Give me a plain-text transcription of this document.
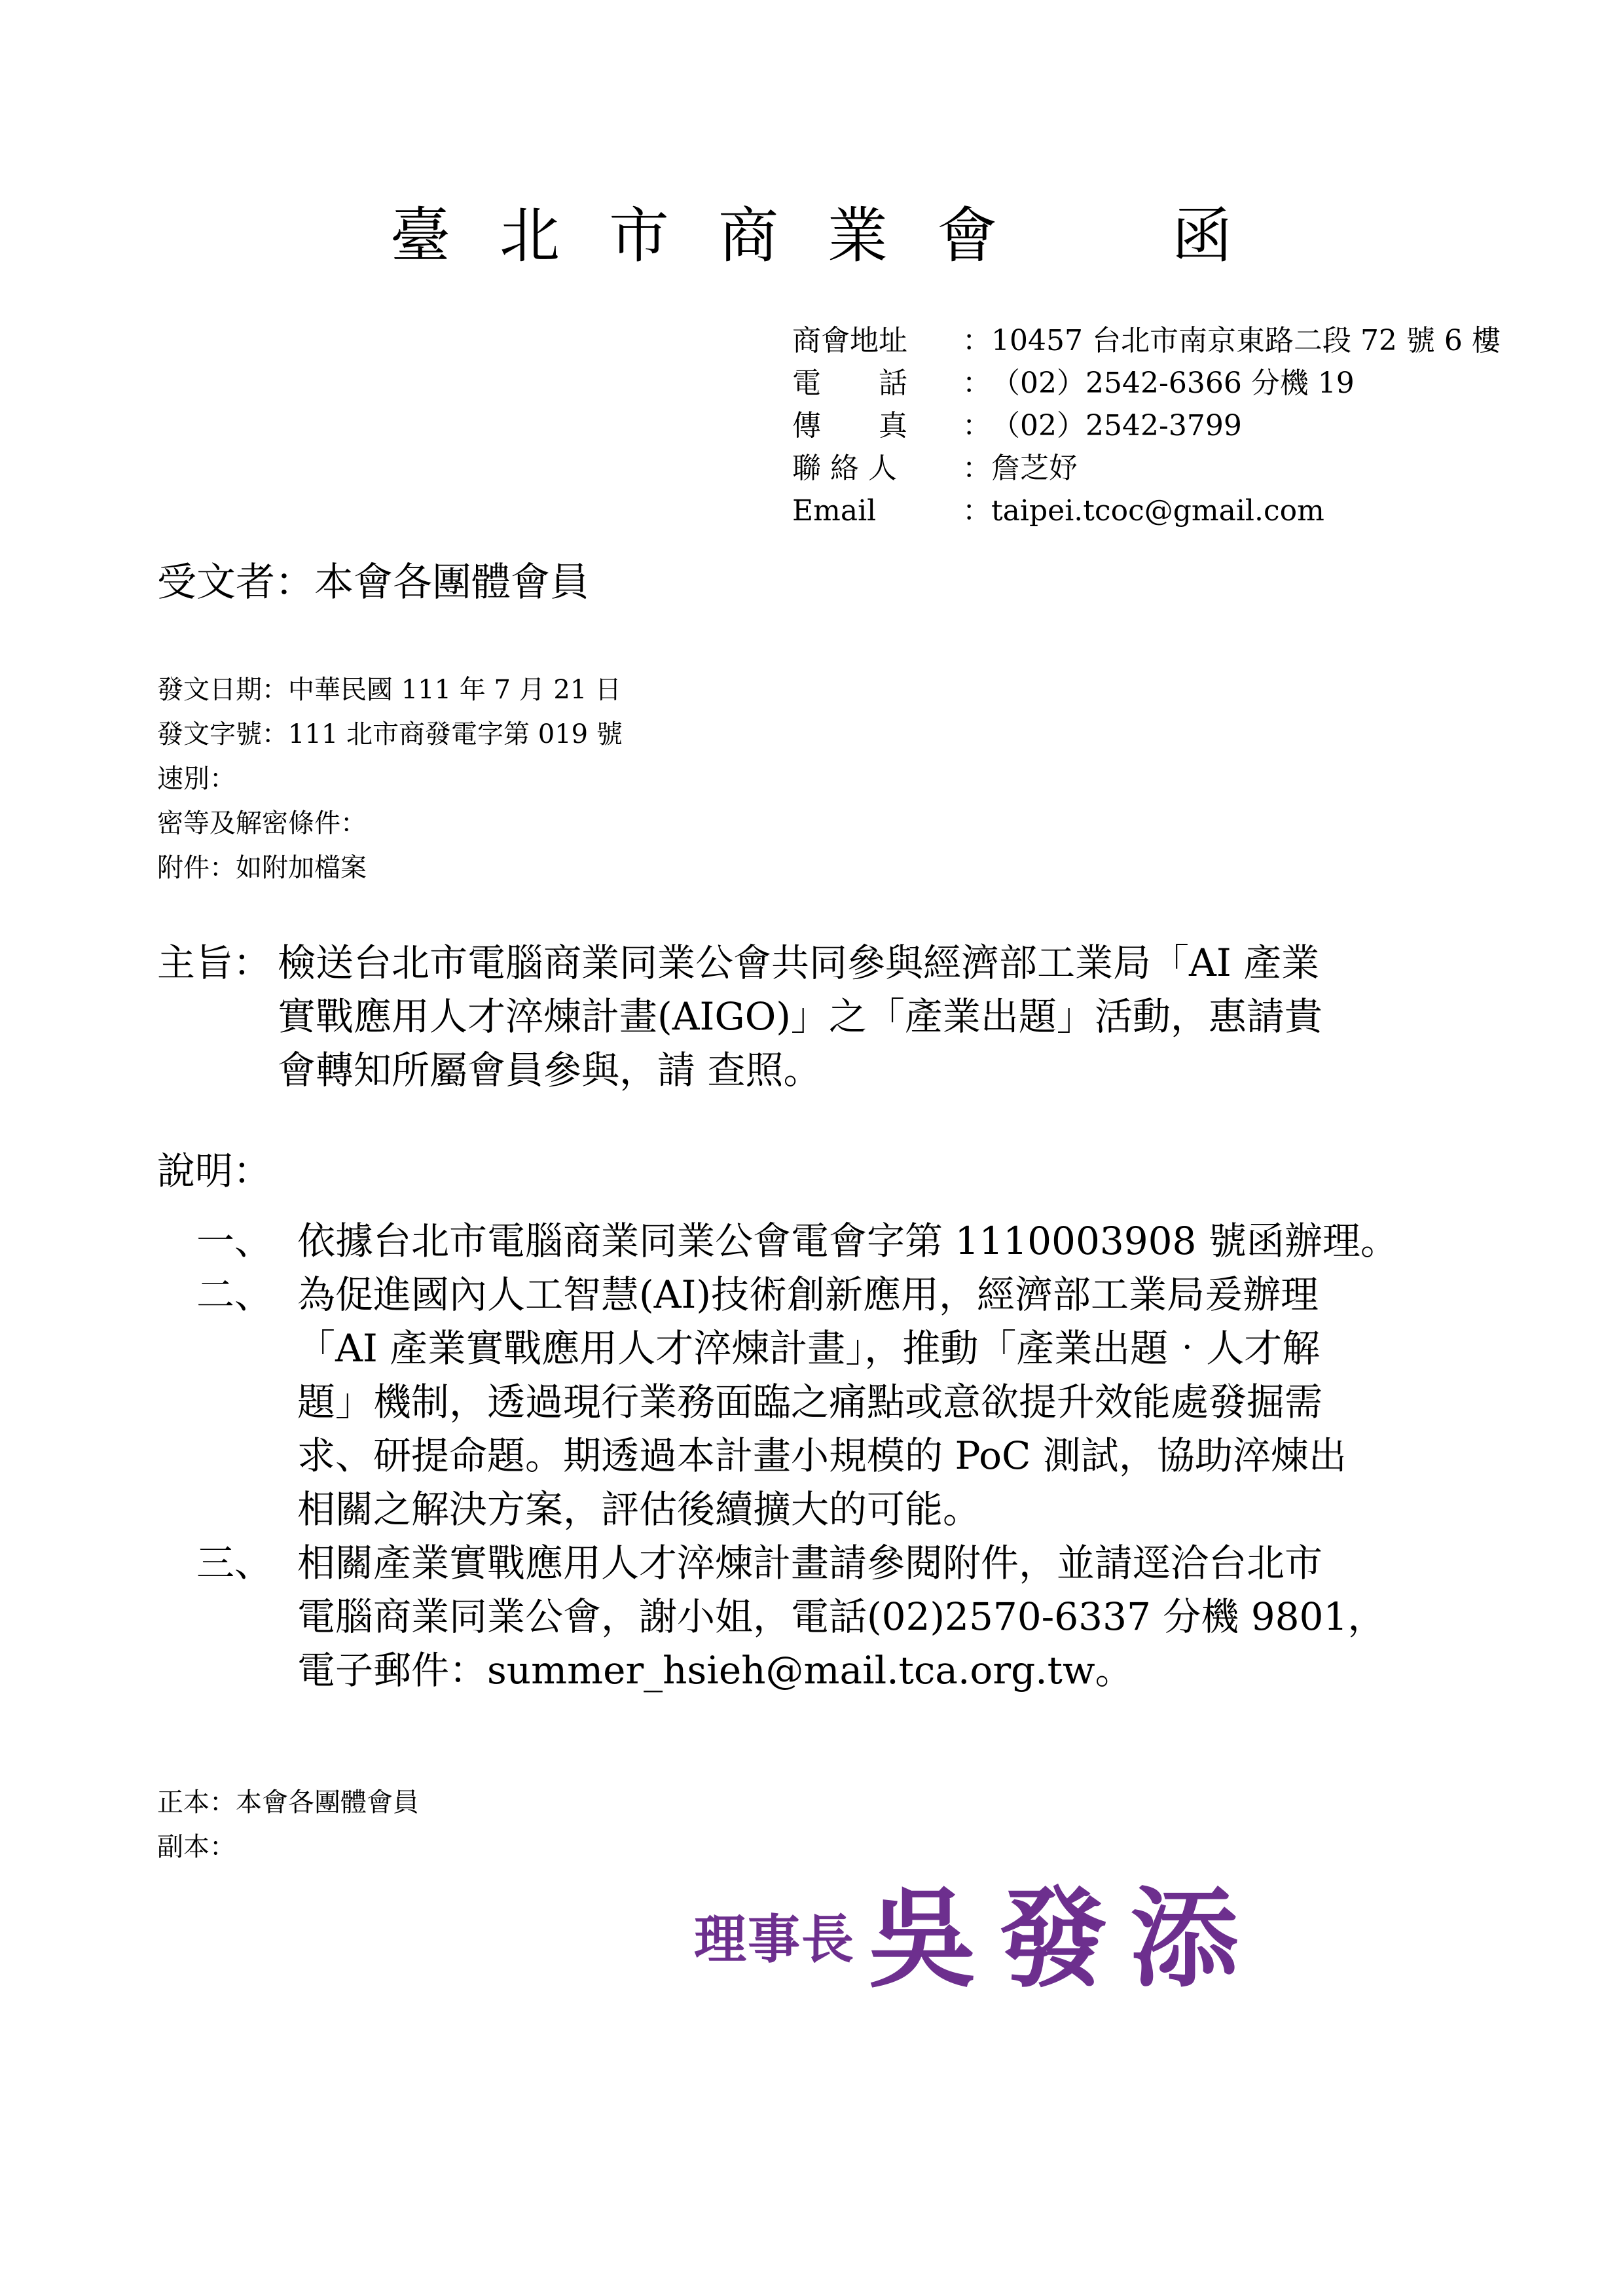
臺北市商業會 函
商會地址	： 10457 台北市南京東路二段 72 號 6 樓
電　　話	： （02）2542-6366 分機 19
傳　　真	： （02）2542-3799
聯 絡 人	： 詹芝妤
Email	： taipei.tcoc@gmail.com
受文者：本會各團體會員
發文日期：中華民國 111 年 7 月 21 日
發文字號：111 北市商發電字第 019 號
速別：
密等及解密條件：
附件：如附加檔案
主旨： 檢送台北市電腦商業同業公會共同參與經濟部工業局「AI 產業
實戰應用人才淬煉計畫(AIGO)」之「產業出題」活動，惠請貴
會轉知所屬會員參與，請 查照。
說明：
一、 依據台北市電腦商業同業公會電會字第 1110003908 號函辦理。
二、 為促進國內人工智慧(AI)技術創新應用，經濟部工業局爰辦理
「AI 產業實戰應用人才淬煉計畫」，推動「產業出題‧人才解
題」機制，透過現行業務面臨之痛點或意欲提升效能處發掘需
求、研提命題。期透過本計畫小規模的 PoC 測試，協助淬煉出
相關之解決方案，評估後續擴大的可能。
三、 相關產業實戰應用人才淬煉計畫請參閱附件，並請逕洽台北市
電腦商業同業公會，謝小姐，電話(02)2570-6337 分機 9801，
電子郵件：summer_hsieh@mail.tca.org.tw。
正本：本會各團體會員
副本：
理事長 吳發添
